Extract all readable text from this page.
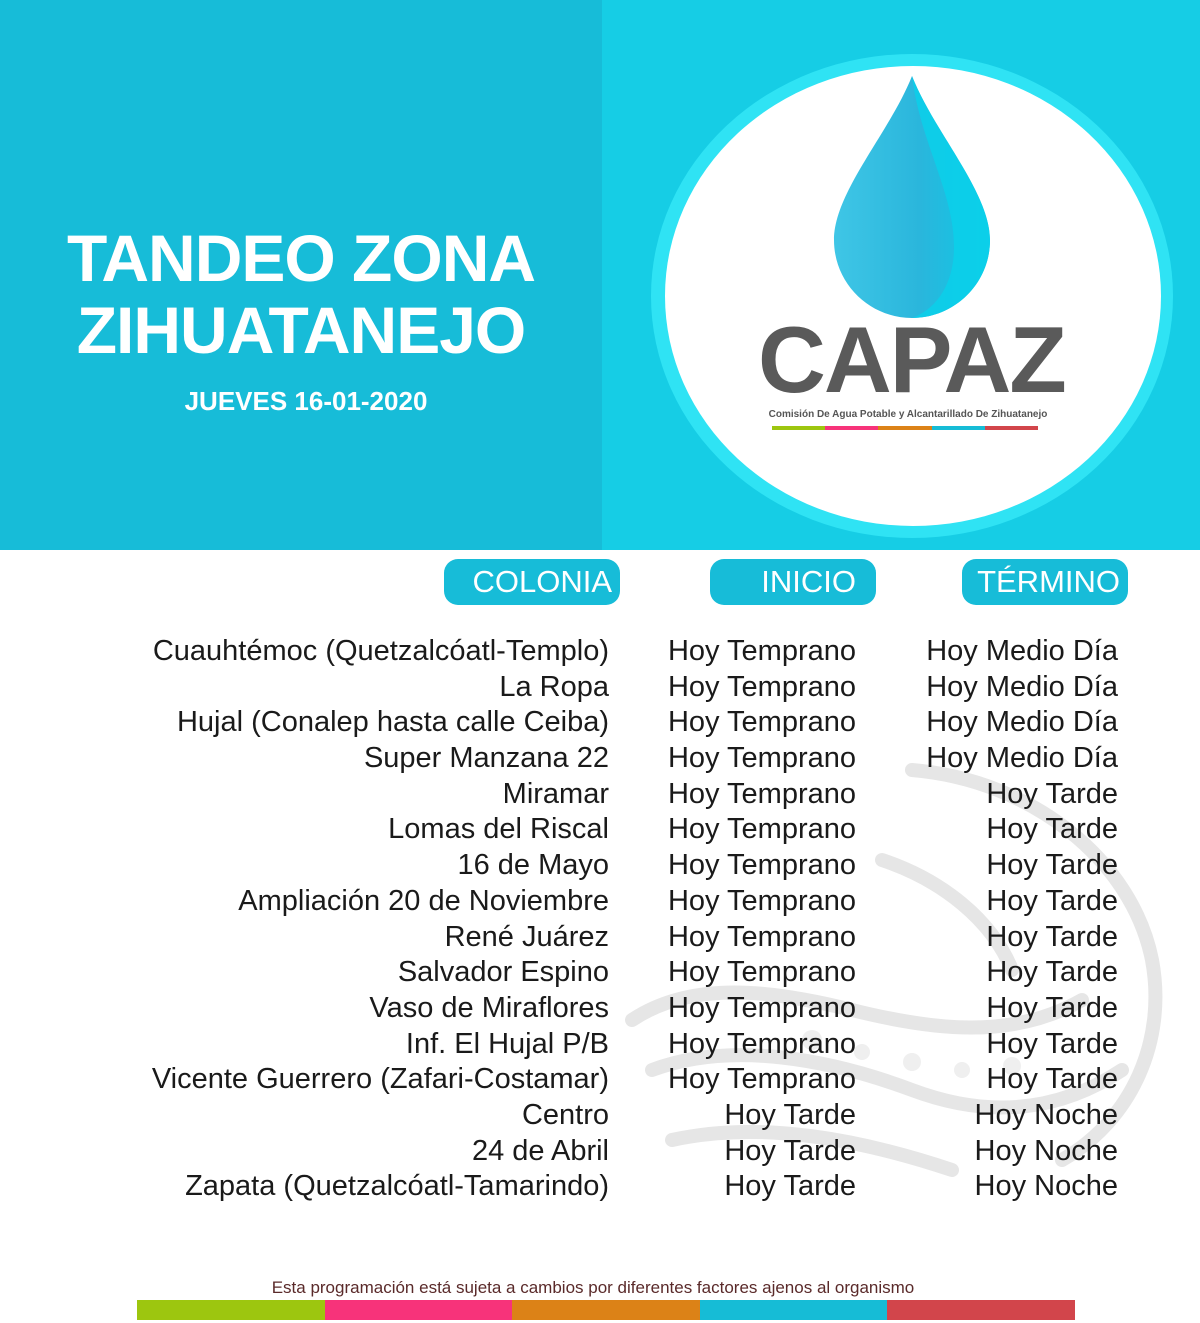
TANDEO ZONA
ZIHUATANEJO
JUEVES 16-01-2020	CAPAZ
Comisión De Agua Potable y Alcantarillado De Zihuatanejo
COLONIA	INICIO	TÉRMINO
Cuauhtémoc (Quetzalcóatl-Templo) Hoy Temprano Hoy Medio Día
La Ropa Hoy Temprano Hoy Medio Día
Hujal (Conalep hasta calle Ceiba) Hoy Temprano Hoy Medio Día
Super Manzana 22 Hoy Temprano Hoy Medio Día
Miramar Hoy Temprano	Hoy Tarde
Lomas del Riscal Hoy Temprano	Hoy Tarde
16 de Mayo Hoy Temprano	Hoy Tarde
Ampliación 20 de Noviembre Hoy Temprano	Hoy Tarde
René Juárez Hoy Temprano	Hoy Tarde
Salvador Espino Hoy Temprano	Hoy Tarde
Vaso de Miraflores Hoy Temprano	Hoy Tarde
Inf. El Hujal P/B Hoy Temprano	Hoy Tarde
Vicente Guerrero (Zafari-Costamar) Hoy Temprano	Hoy Tarde
Centro	Hoy Tarde	Hoy Noche
24 de Abril	Hoy Tarde	Hoy Noche
Zapata (Quetzalcóatl-Tamarindo)	Hoy Tarde	Hoy Noche
Esta programación está sujeta a cambios por diferentes factores ajenos al organismo
